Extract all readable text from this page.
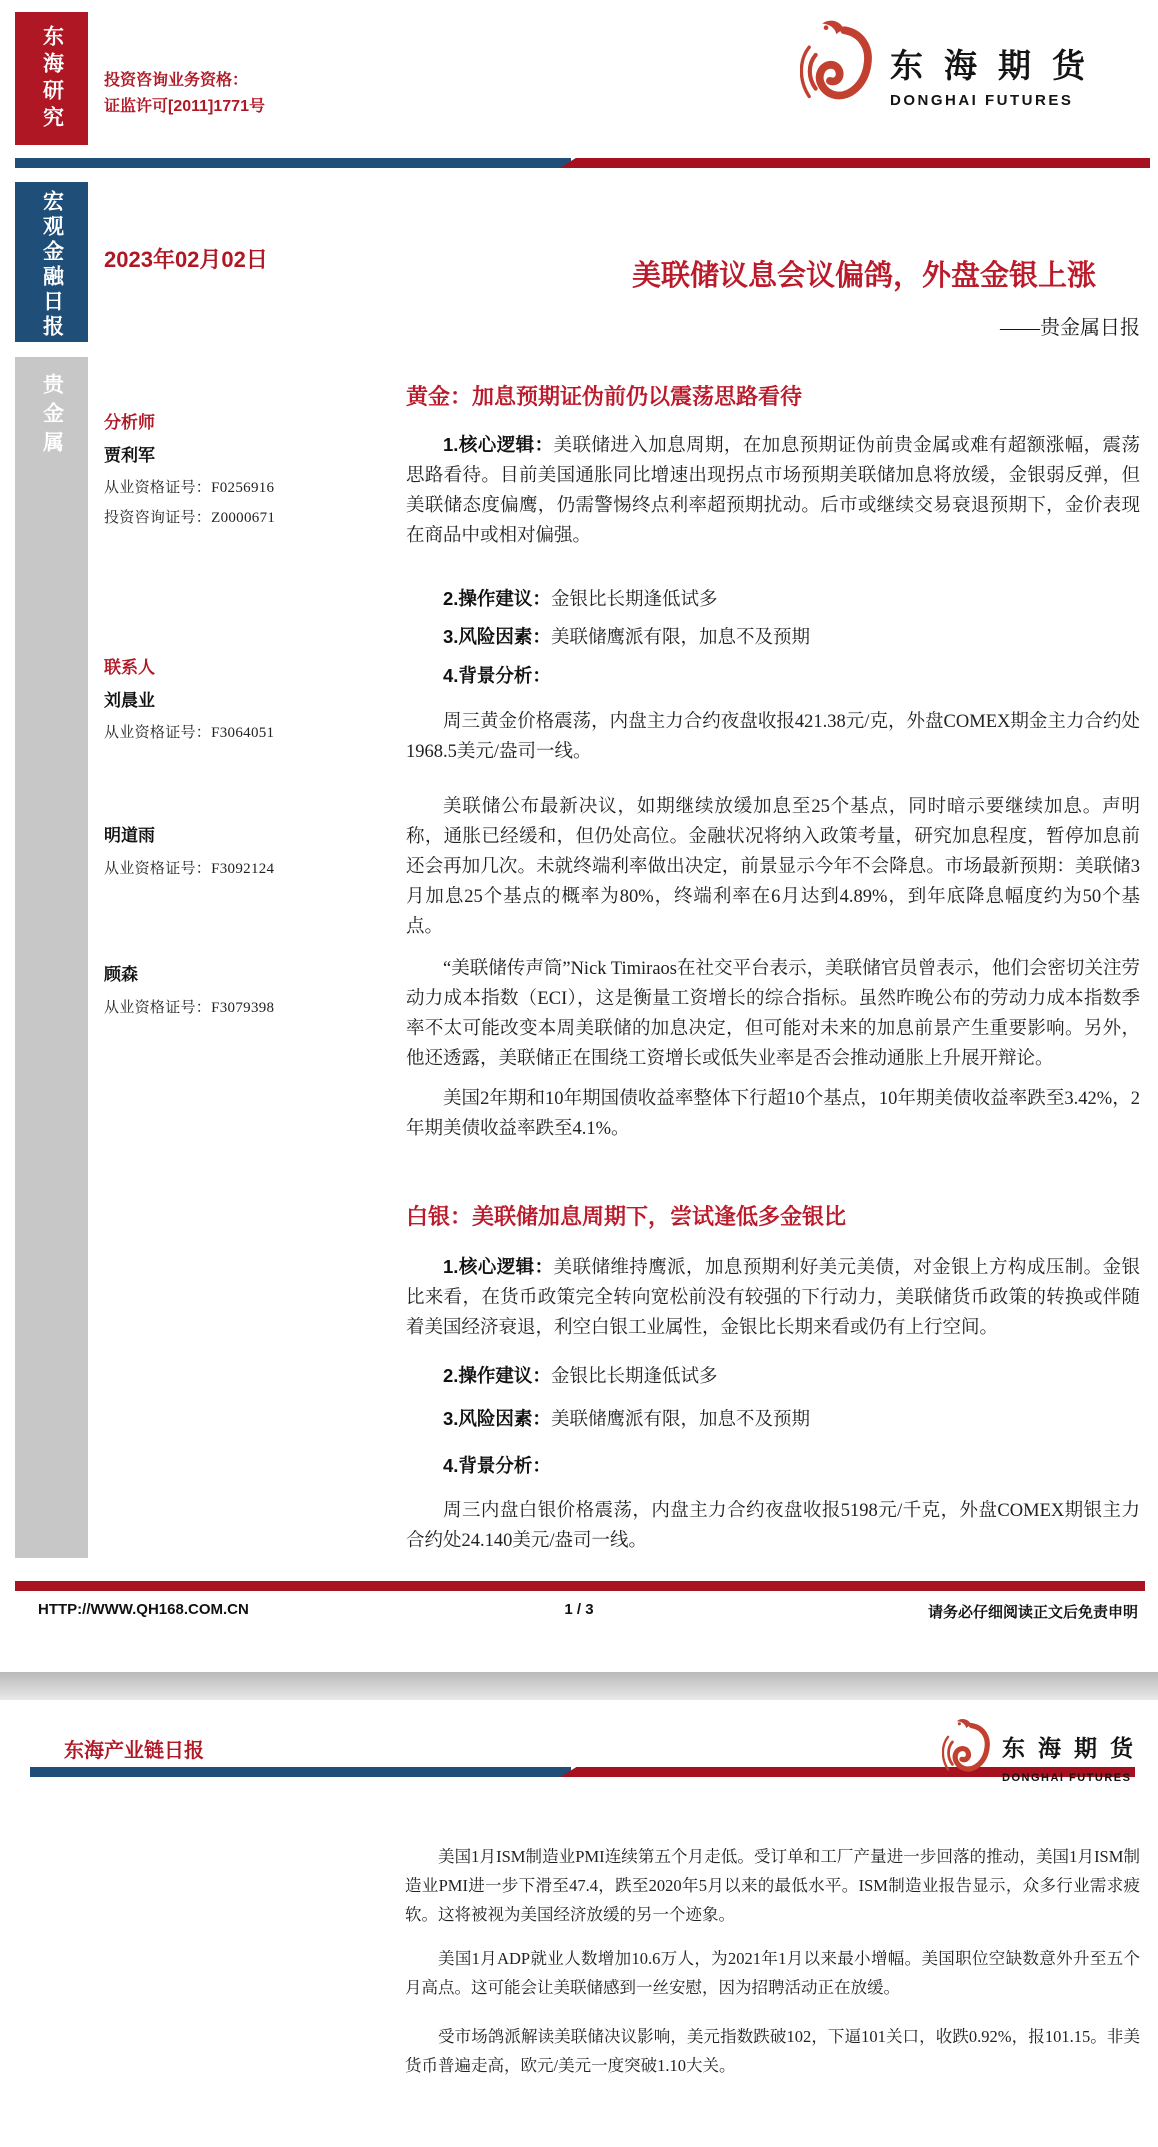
东海研究	投资咨询业务资格：
证监许可[2011]1771号
东海期货
DONGHAI FUTURES
宏观金融日报
贵金属
2023年02月02日
美联储议息会议偏鸽，外盘金银上涨
——贵金属日报
分析师
贾利军
从业资格证号：F0256916
投资咨询证号：Z0000671
联系人
刘晨业
从业资格证号：F3064051
明道雨
从业资格证号：F3092124
顾森
从业资格证号：F3079398
黄金：加息预期证伪前仍以震荡思路看待

1.核心逻辑：美联储进入加息周期，在加息预期证伪前贵金属或难有超额涨幅，震荡思路看待。目前美国通胀同比增速出现拐点市场预期美联储加息将放缓，金银弱反弹，但美联储态度偏鹰，仍需警惕终点利率超预期扰动。后市或继续交易衰退预期下，金价表现在商品中或相对偏强。

2.操作建议：金银比长期逢低试多

3.风险因素：美联储鹰派有限，加息不及预期

4.背景分析：

周三黄金价格震荡，内盘主力合约夜盘收报421.38元/克，外盘COMEX期金主力合约处1968.5美元/盎司一线。

美联储公布最新决议，如期继续放缓加息至25个基点，同时暗示要继续加息。声明称，通胀已经缓和，但仍处高位。金融状况将纳入政策考量，研究加息程度，暂停加息前还会再加几次。未就终端利率做出决定，前景显示今年不会降息。市场最新预期：美联储3月加息25个基点的概率为80%，终端利率在6月达到4.89%，到年底降息幅度约为50个基点。

“美联储传声筒”Nick Timiraos在社交平台表示，美联储官员曾表示，他们会密切关注劳动力成本指数（ECI），这是衡量工资增长的综合指标。虽然昨晚公布的劳动力成本指数季率不太可能改变本周美联储的加息决定，但可能对未来的加息前景产生重要影响。另外，他还透露，美联储正在围绕工资增长或低失业率是否会推动通胀上升展开辩论。

美国2年期和10年期国债收益率整体下行超10个基点，10年期美债收益率跌至3.42%，2年期美债收益率跌至4.1%。

白银：美联储加息周期下，尝试逢低多金银比

1.核心逻辑：美联储维持鹰派，加息预期利好美元美债，对金银上方构成压制。金银比来看，在货币政策完全转向宽松前没有较强的下行动力，美联储货币政策的转换或伴随着美国经济衰退，利空白银工业属性，金银比长期来看或仍有上行空间。

2.操作建议：金银比长期逢低试多

3.风险因素：美联储鹰派有限，加息不及预期

4.背景分析：

周三内盘白银价格震荡，内盘主力合约夜盘收报5198元/千克，外盘COMEX期银主力合约处24.140美元/盎司一线。

HTTP://WWW.QH168.COM.CN	1 / 3	请务必仔细阅读正文后免责申明
东海产业链日报	东海期货
DONGHAI FUTURES

美国1月ISM制造业PMI连续第五个月走低。受订单和工厂产量进一步回落的推动，美国1月ISM制造业PMI进一步下滑至47.4，跌至2020年5月以来的最低水平。ISM制造业报告显示，众多行业需求疲软。这将被视为美国经济放缓的另一个迹象。

美国1月ADP就业人数增加10.6万人，为2021年1月以来最小增幅。美国职位空缺数意外升至五个月高点。这可能会让美联储感到一丝安慰，因为招聘活动正在放缓。

受市场鸽派解读美联储决议影响，美元指数跌破102，下逼101关口，收跌0.92%，报101.15。非美货币普遍走高，欧元/美元一度突破1.10大关。
